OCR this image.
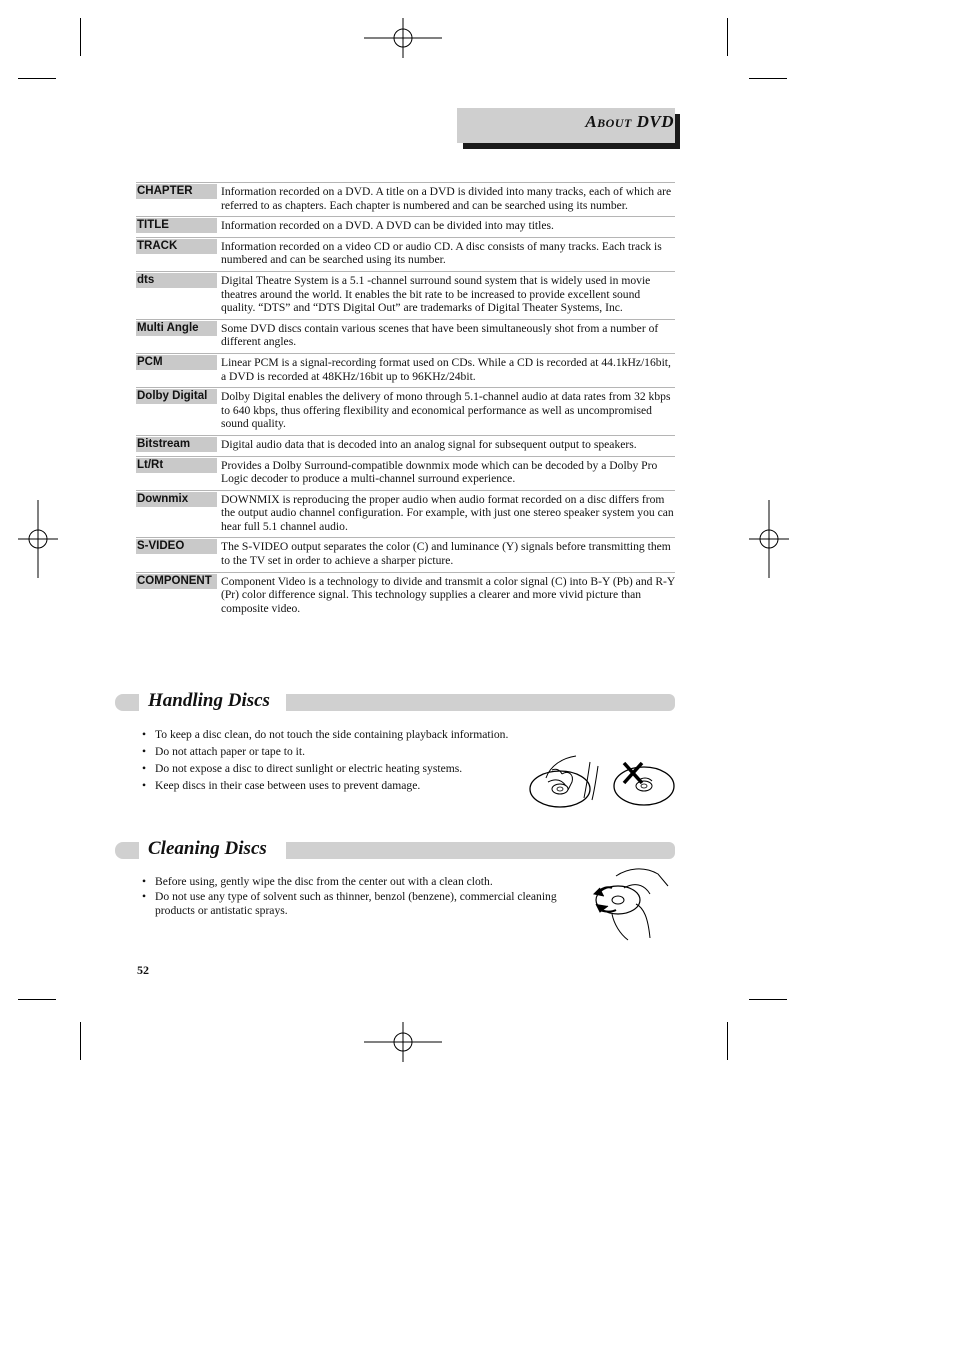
About DVD
CHAPTER	Information recorded on a DVD. A title on a DVD is divided into many tracks, each of which are referred to as chapters. Each chapter is numbered and can be searched using its number.
TITLE	Information recorded on a DVD. A DVD can be divided into may titles.
TRACK	Information recorded on a video CD or audio CD. A disc consists of many tracks. Each track is numbered and can be searched using its number.
dts	Digital Theatre System is a 5.1 -channel surround sound system that is widely used in movie theatres around the world. It enables the bit rate to be increased to provide excellent sound quality. “DTS” and “DTS Digital Out” are trademarks of Digital Theater Systems, Inc.
Multi Angle	Some DVD discs contain various scenes that have been simultaneously shot from a number of different angles.
PCM	Linear PCM is a signal-recording format used on CDs. While a CD is recorded at 44.1kHz/16bit, a DVD is recorded at 48KHz/16bit up to 96KHz/24bit.
Dolby Digital	Dolby Digital enables the delivery of mono through 5.1-channel audio at data rates from 32 kbps to 640 kbps, thus offering flexibility and economical performance as well as uncompromised sound quality.
Bitstream	Digital audio data that is decoded into an analog signal for subsequent output to speakers.
Lt/Rt	Provides a Dolby Surround-compatible downmix mode which can be decoded by a Dolby Pro Logic decoder to produce a multi-channel surround experience.
Downmix	DOWNMIX is reproducing the proper audio when audio format recorded on a disc differs from the output audio channel configuration. For example, with just one stereo speaker system you can hear full 5.1 channel audio.
S-VIDEO	The S-VIDEO output separates the color (C) and luminance (Y) signals before transmitting them to the TV set in order to achieve a sharper picture.
COMPONENT Component Video is a technology to divide and transmit a color signal (C) into B-Y (Pb) and R-Y (Pr) color difference signal. This technology supplies a clearer and more vivid picture than composite video.
Handling Discs
• To keep a disc clean, do not touch the side containing playback information.
• Do not attach paper or tape to it.
• Do not expose a disc to direct sunlight or electric heating systems.
• Keep discs in their case between uses to prevent damage.
Cleaning Discs
• Before using, gently wipe the disc from the center out with a clean cloth.
• Do not use any type of solvent such as thinner, benzol (benzene), commercial cleaning products or antistatic sprays.
52
